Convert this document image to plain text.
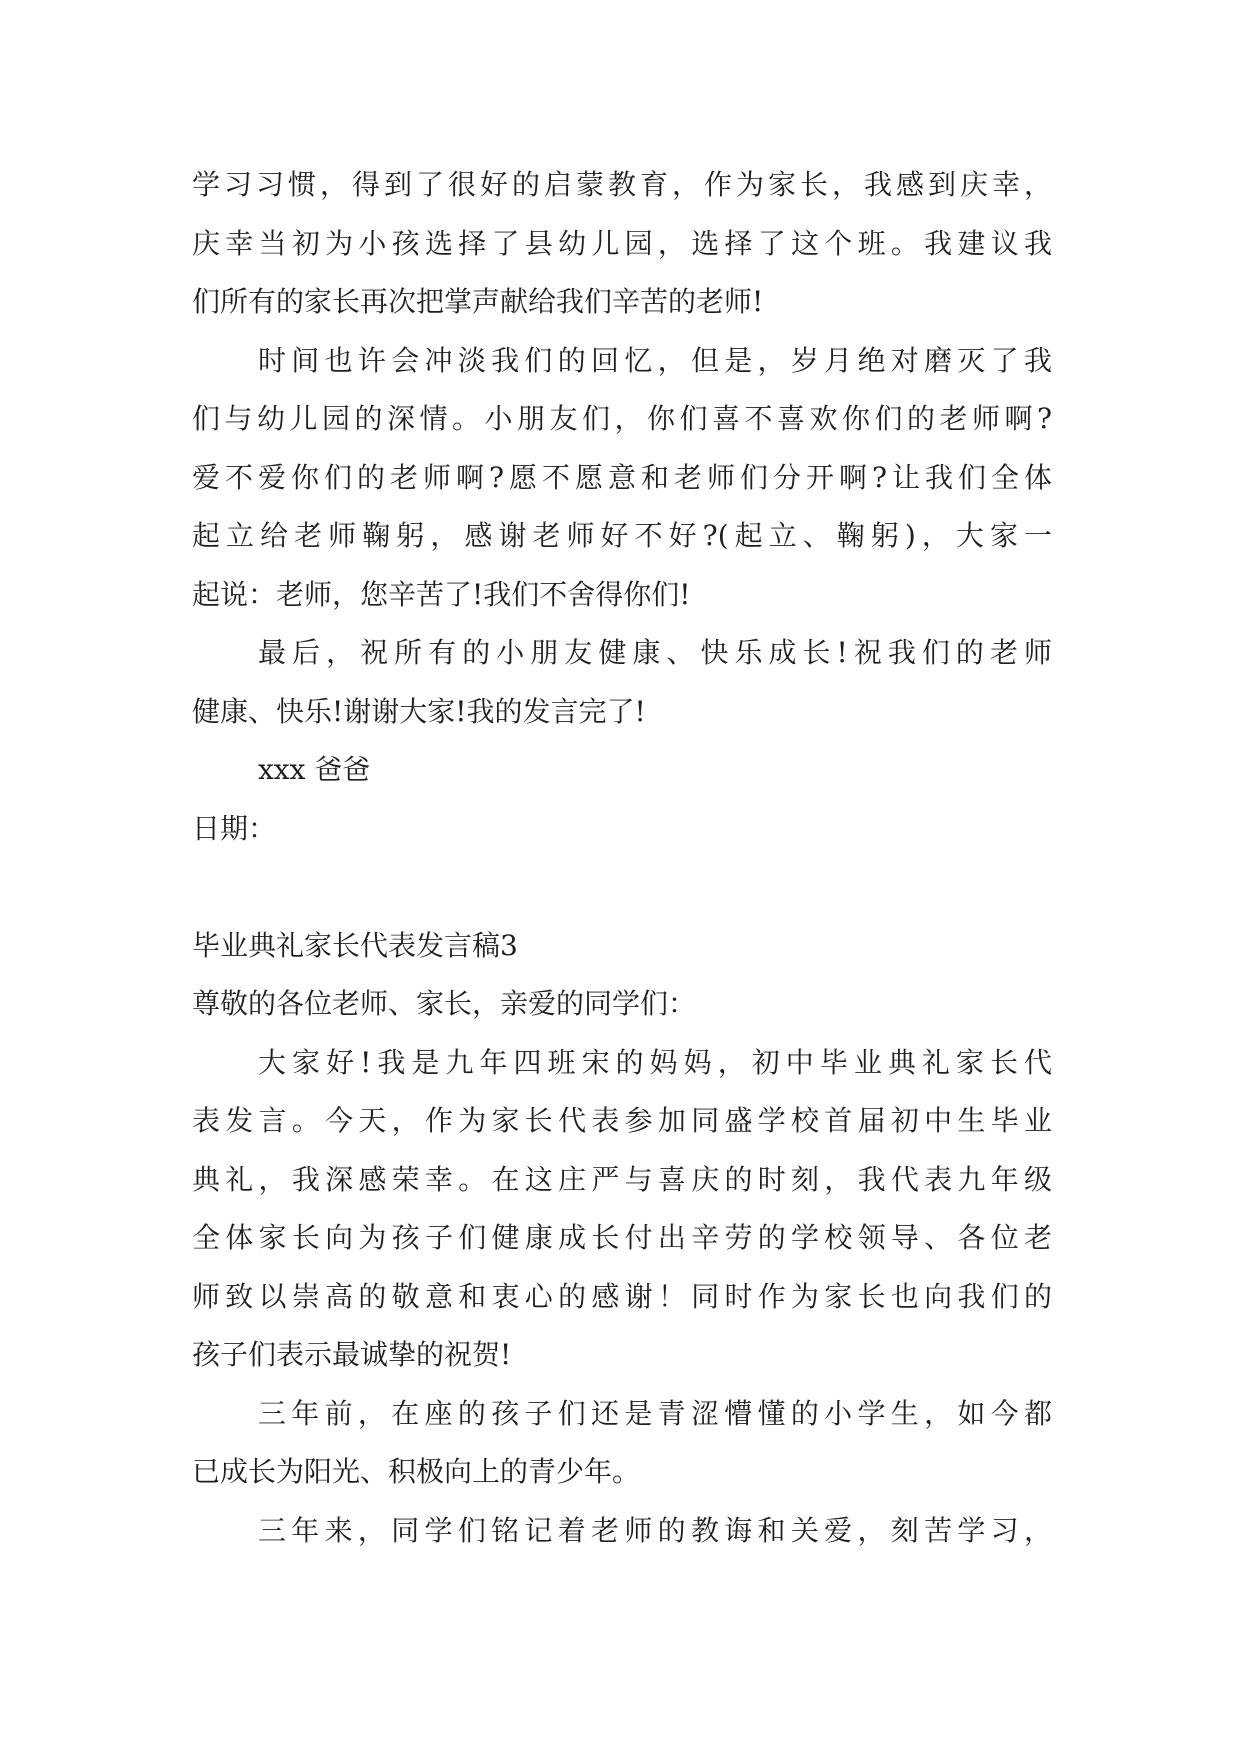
学习习惯，得到了很好的启蒙教育，作为家长，我感到庆幸，
庆幸当初为小孩选择了县幼儿园，选择了这个班。我建议我
们所有的家长再次把掌声献给我们辛苦的老师!
时间也许会冲淡我们的回忆，但是，岁月绝对磨灭了我
们与幼儿园的深情。小朋友们，你们喜不喜欢你们的老师啊?
爱不爱你们的老师啊?愿不愿意和老师们分开啊?让我们全体
起立给老师鞠躬，感谢老师好不好?(起立、鞠躬)，大家一
起说：老师，您辛苦了!我们不舍得你们!
最后，祝所有的小朋友健康、快乐成长!祝我们的老师
健康、快乐!谢谢大家!我的发言完了!
xxx 爸爸
日期：
毕业典礼家长代表发言稿3
尊敬的各位老师、家长，亲爱的同学们：
大家好!我是九年四班宋的妈妈，初中毕业典礼家长代
表发言。今天，作为家长代表参加同盛学校首届初中生毕业
典礼，我深感荣幸。在这庄严与喜庆的时刻，我代表九年级
全体家长向为孩子们健康成长付出辛劳的学校领导、各位老
师致以崇高的敬意和衷心的感谢！同时作为家长也向我们的
孩子们表示最诚挚的祝贺!
三年前，在座的孩子们还是青涩懵懂的小学生，如今都
已成长为阳光、积极向上的青少年。
三年来，同学们铭记着老师的教诲和关爱，刻苦学习，
